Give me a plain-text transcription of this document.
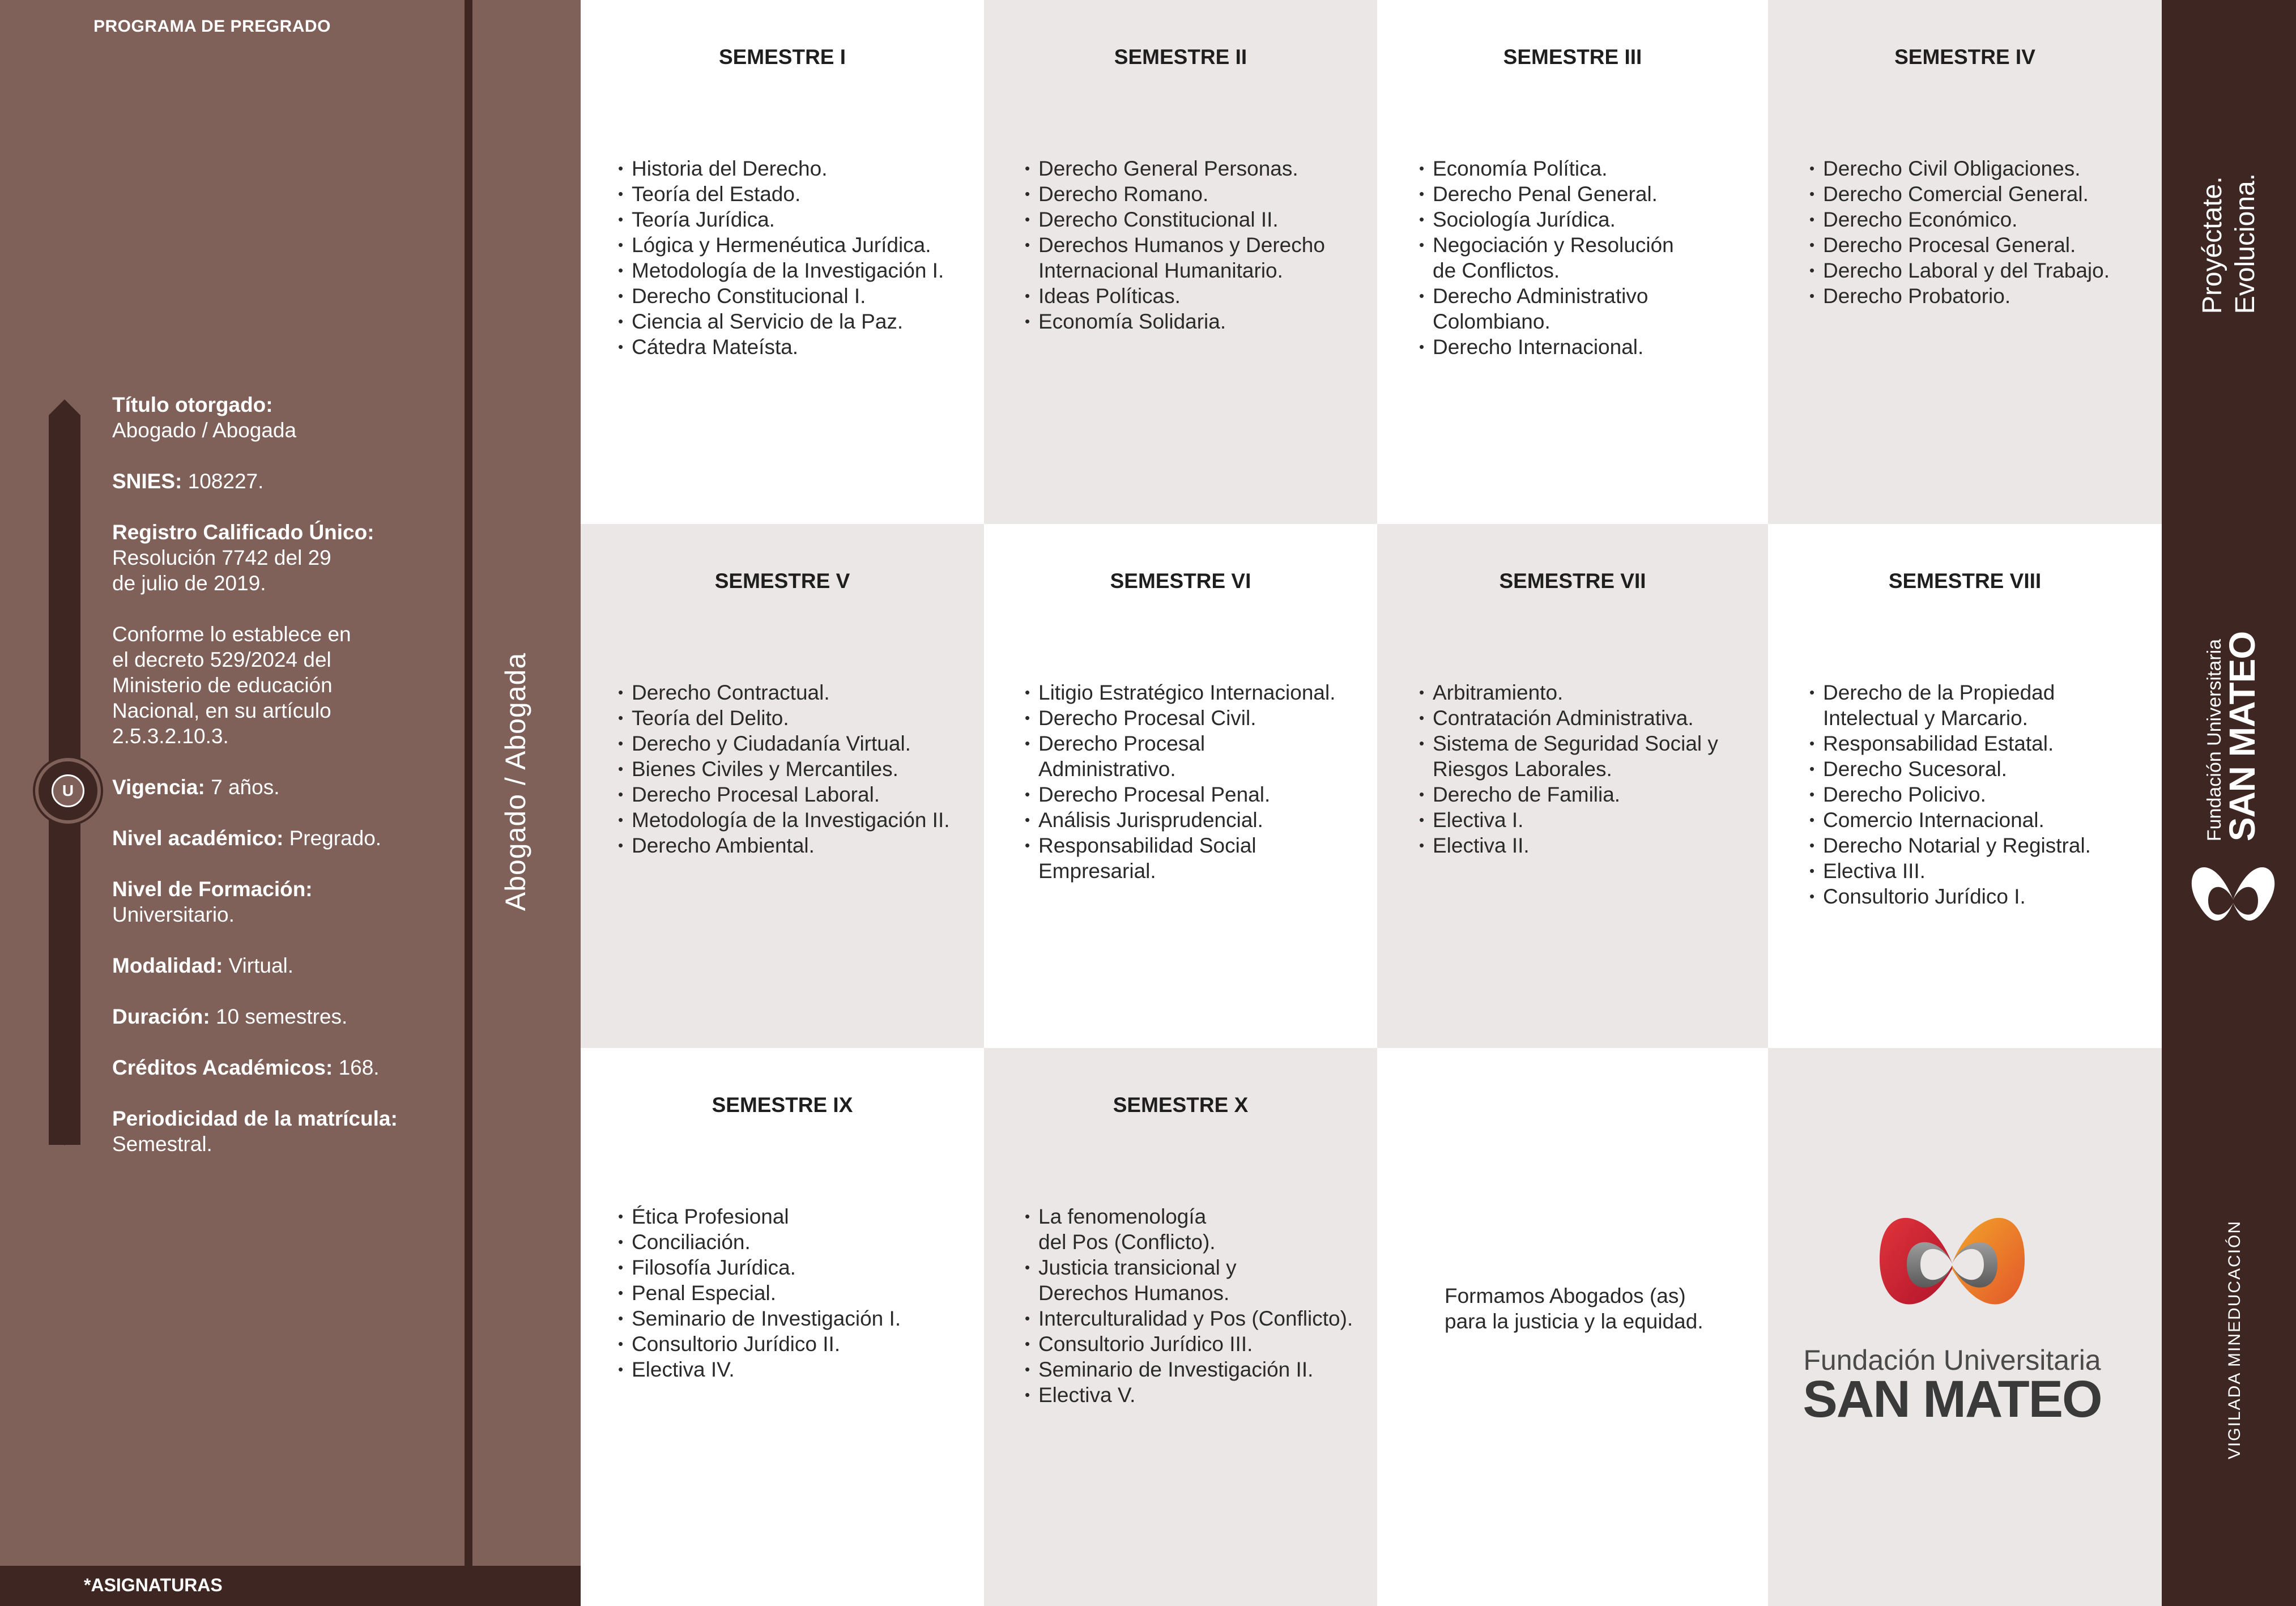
PROGRAMA DE PREGRADO
*ASIGNATURAS
U

Título otorgado:
Abogado / Abogada

SNIES: 108227.

Registro Calificado Único:
Resolución 7742 del 29
de julio de 2019.

Conforme lo establece en
el decreto 529/2024 del
Ministerio de educación
Nacional, en su artículo
2.5.3.2.10.3.

Vigencia: 7 años.

Nivel académico: Pregrado.

Nivel de Formación:
Universitario.

Modalidad: Virtual.

Duración: 10 semestres.

Créditos Académicos: 168.

Periodicidad de la matrícula:
Semestral.

Abogado / Abogada
SEMESTRE I
• Historia del Derecho.
• Teoría del Estado.
• Teoría Jurídica.
• Lógica y Hermenéutica Jurídica.
• Metodología de la Investigación I.
• Derecho Constitucional I.
• Ciencia al Servicio de la Paz.
• Cátedra Mateísta.
SEMESTRE II
• Derecho General Personas.
• Derecho Romano.
• Derecho Constitucional II.
• Derechos Humanos y Derecho
Internacional Humanitario.
• Ideas Políticas.
• Economía Solidaria.
SEMESTRE III
• Economía Política.
• Derecho Penal General.
• Sociología Jurídica.
• Negociación y Resolución
de Conflictos.
• Derecho Administrativo
Colombiano.
• Derecho Internacional.
SEMESTRE IV
• Derecho Civil Obligaciones.
• Derecho Comercial General.
• Derecho Económico.
• Derecho Procesal General.
• Derecho Laboral y del Trabajo.
• Derecho Probatorio.
SEMESTRE V
• Derecho Contractual.
• Teoría del Delito.
• Derecho y Ciudadanía Virtual.
• Bienes Civiles y Mercantiles.
• Derecho Procesal Laboral.
• Metodología de la Investigación II.
• Derecho Ambiental.
SEMESTRE VI
• Litigio Estratégico Internacional.
• Derecho Procesal Civil.
• Derecho Procesal
Administrativo.
• Derecho Procesal Penal.
• Análisis Jurisprudencial.
• Responsabilidad Social
Empresarial.
SEMESTRE VII
• Arbitramiento.
• Contratación Administrativa.
• Sistema de Seguridad Social y
Riesgos Laborales.
• Derecho de Familia.
• Electiva I.
• Electiva II.
SEMESTRE VIII
• Derecho de la Propiedad
Intelectual y Marcario.
• Responsabilidad Estatal.
• Derecho Sucesoral.
• Derecho Policivo.
• Comercio Internacional.
• Derecho Notarial y Registral.
• Electiva III.
• Consultorio Jurídico I.
SEMESTRE IX
• Ética Profesional
• Conciliación.
• Filosofía Jurídica.
• Penal Especial.
• Seminario de Investigación I.
• Consultorio Jurídico II.
• Electiva IV.
SEMESTRE X
• La fenomenología
del Pos (Conflicto).
• Justicia transicional y
Derechos Humanos.
• Interculturalidad y Pos (Conflicto).
• Consultorio Jurídico III.
• Seminario de Investigación II.
• Electiva V.
Formamos Abogados (as)
para la justicia y la equidad.
Fundación Universitaria
SAN MATEO
Proyéctate. Evoluciona.
Fundación Universitaria
SAN MATEO
VIGILADA MINEDUCACIÓN
